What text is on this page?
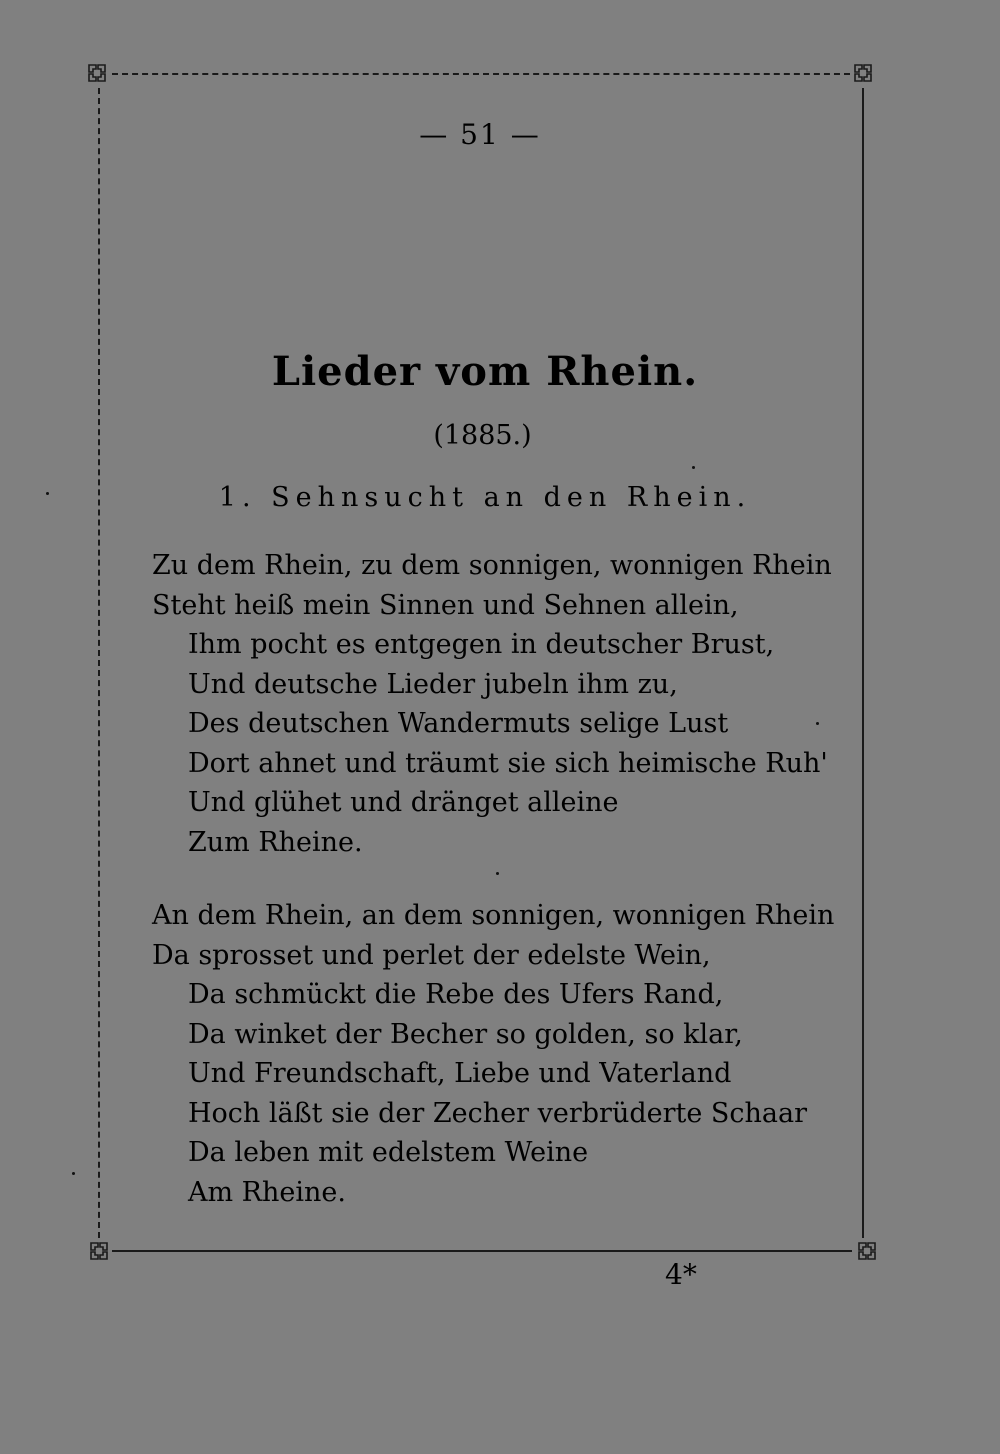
— 51 —
Lieder vom Rhein.
(1885.)
1. Sehnsucht an den Rhein.
Zu dem Rhein, zu dem sonnigen, wonnigen Rhein
Steht heiß mein Sinnen und Sehnen allein,
Ihm pocht es entgegen in deutscher Brust,
Und deutsche Lieder jubeln ihm zu,
Des deutschen Wandermuts selige Lust
Dort ahnet und träumt sie sich heimische Ruh'
Und glühet und dränget alleine
Zum Rheine.
An dem Rhein, an dem sonnigen, wonnigen Rhein
Da sprosset und perlet der edelste Wein,
Da schmückt die Rebe des Ufers Rand,
Da winket der Becher so golden, so klar,
Und Freundschaft, Liebe und Vaterland
Hoch läßt sie der Zecher verbrüderte Schaar
Da leben mit edelstem Weine
Am Rheine.
4*
